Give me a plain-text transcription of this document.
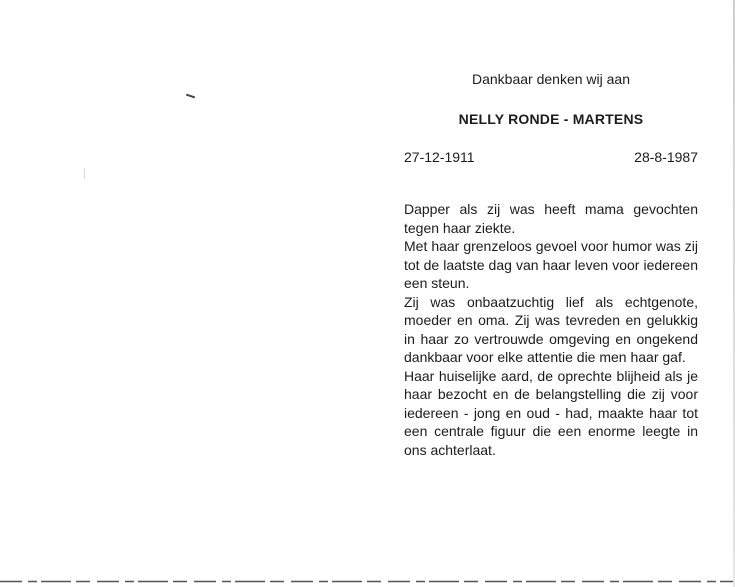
Dankbaar denken wij aan
NELLY RONDE - MARTENS
27-12-1911	28-8-1987

Dapper als zij was heeft mama gevochten tegen haar ziekte.

Met haar grenzeloos gevoel voor humor was zij tot de laatste dag van haar leven voor iedereen een steun.

Zij was onbaatzuchtig lief als echtgenote, moeder en oma. Zij was tevreden en gelukkig in haar zo vertrouwde omgeving en ongekend dankbaar voor elke attentie die men haar gaf.

Haar huiselijke aard, de oprechte blijheid als je haar bezocht en de belangstelling die zij voor iedereen - jong en oud - had, maakte haar tot een centrale figuur die een enorme leegte in ons achterlaat.
